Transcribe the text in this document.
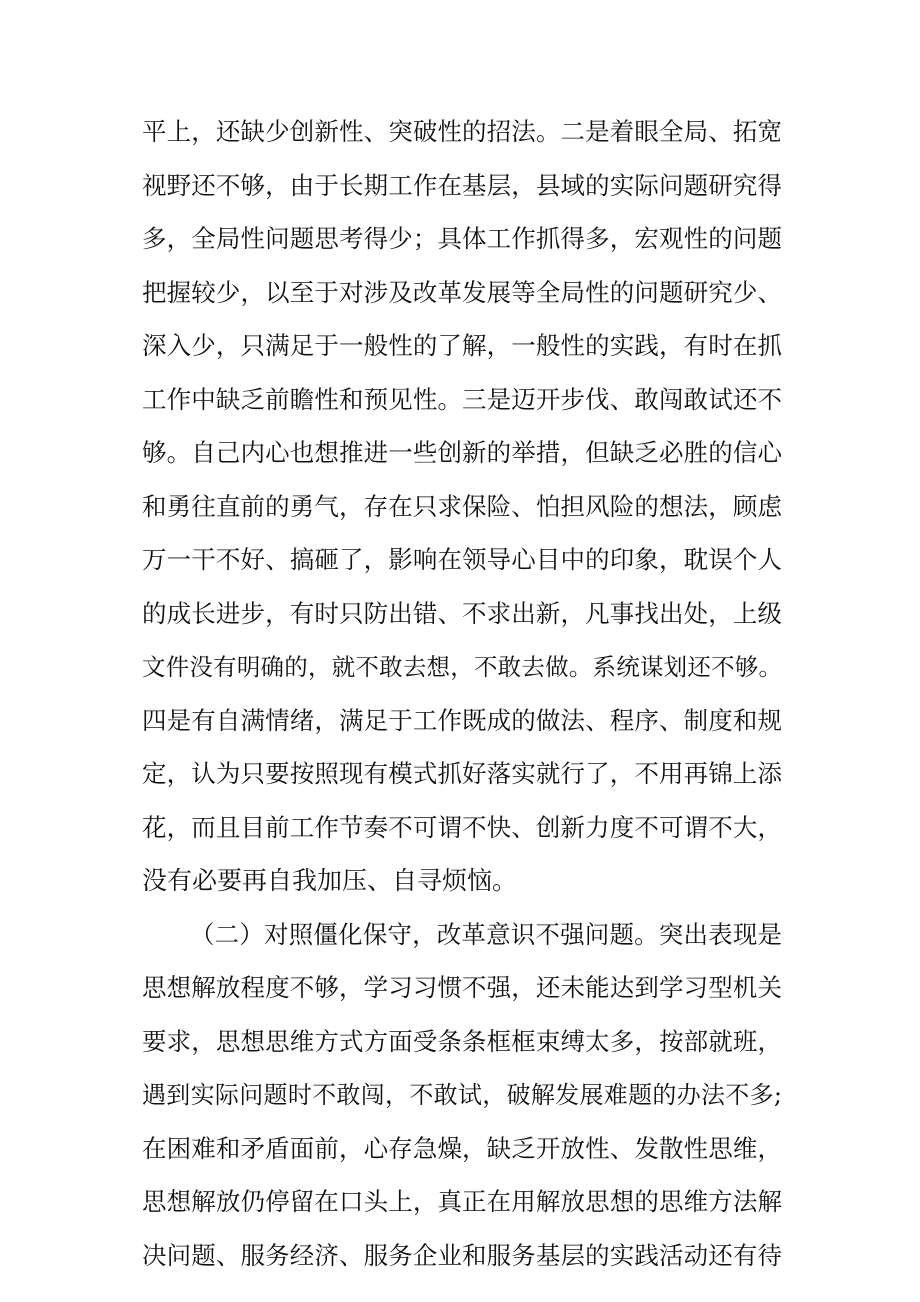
平上，还缺少创新性、突破性的招法。二是着眼全局、拓宽
视野还不够，由于长期工作在基层，县域的实际问题研究得
多，全局性问题思考得少；具体工作抓得多，宏观性的问题
把握较少，以至于对涉及改革发展等全局性的问题研究少、
深入少，只满足于一般性的了解，一般性的实践，有时在抓
工作中缺乏前瞻性和预见性。三是迈开步伐、敢闯敢试还不
够。自己内心也想推进一些创新的举措，但缺乏必胜的信心
和勇往直前的勇气，存在只求保险、怕担风险的想法，顾虑
万一干不好、搞砸了，影响在领导心目中的印象，耽误个人
的成长进步，有时只防出错、不求出新，凡事找出处，上级
文件没有明确的，就不敢去想，不敢去做。系统谋划还不够。
四是有自满情绪，满足于工作既成的做法、程序、制度和规
定，认为只要按照现有模式抓好落实就行了，不用再锦上添
花，而且目前工作节奏不可谓不快、创新力度不可谓不大，
没有必要再自我加压、自寻烦恼。
（二）对照僵化保守，改革意识不强问题。突出表现是
思想解放程度不够，学习习惯不强，还未能达到学习型机关
要求，思想思维方式方面受条条框框束缚太多，按部就班，
遇到实际问题时不敢闯，不敢试，破解发展难题的办法不多;
在困难和矛盾面前，心存急燥，缺乏开放性、发散性思维，
思想解放仍停留在口头上，真正在用解放思想的思维方法解
决问题、服务经济、服务企业和服务基层的实践活动还有待
